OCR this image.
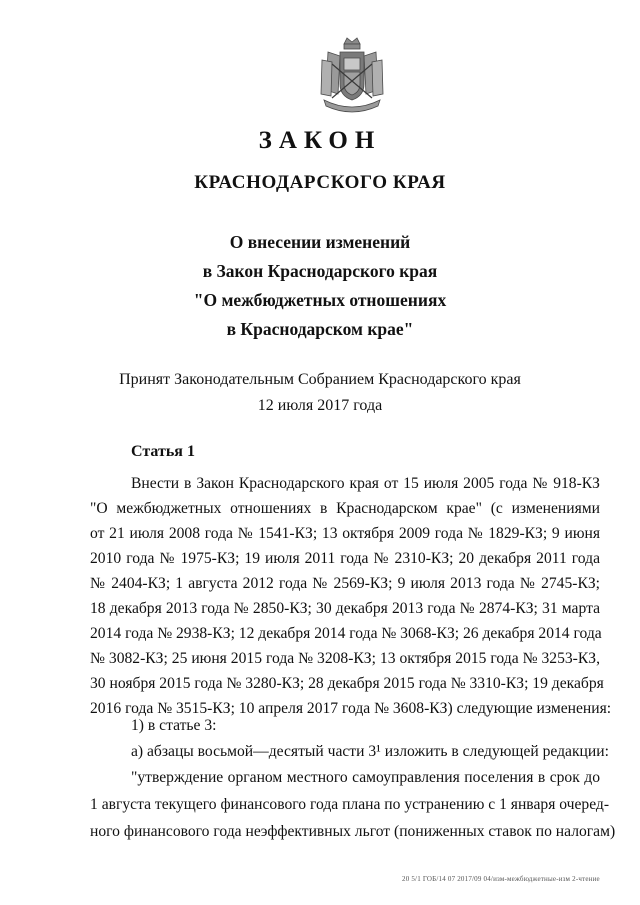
ЗАКОН
КРАСНОДАРСКОГО КРАЯ
О внесении изменений
в Закон Краснодарского края
"О межбюджетных отношениях
в Краснодарском крае"
Принят Законодательным Собранием Краснодарского края
12 июля 2017 года
Статья 1
Внести в Закон Краснодарского края от 15 июля 2005 года № 918-КЗ
"О межбюджетных отношениях в Краснодарском крае" (с изменениями
от 21 июля 2008 года № 1541-КЗ; 13 октября 2009 года № 1829-КЗ; 9 июня
2010 года № 1975-КЗ; 19 июля 2011 года № 2310-КЗ; 20 декабря 2011 года
№ 2404-КЗ; 1 августа 2012 года № 2569-КЗ; 9 июля 2013 года № 2745-КЗ;
18 декабря 2013 года № 2850-КЗ; 30 декабря 2013 года № 2874-КЗ; 31 марта
2014 года № 2938-КЗ; 12 декабря 2014 года № 3068-КЗ; 26 декабря 2014 года
№ 3082-КЗ; 25 июня 2015 года № 3208-КЗ; 13 октября 2015 года № 3253-КЗ,
30 ноября 2015 года № 3280-КЗ; 28 декабря 2015 года № 3310-КЗ; 19 декабря
2016 года № 3515-КЗ; 10 апреля 2017 года № 3608-КЗ) следующие изменения:
1) в статье 3:
а) абзацы восьмой—десятый части 3¹ изложить в следующей редакции:
"утверждение органом местного самоуправления поселения в срок до
1 августа текущего финансового года плана по устранению с 1 января очеред-
ного финансового года неэффективных льгот (пониженных ставок по налогам)
20 5/1 ГОБ/14 07 2017/09 04/изм-межбюджетные-изм 2-чтение
